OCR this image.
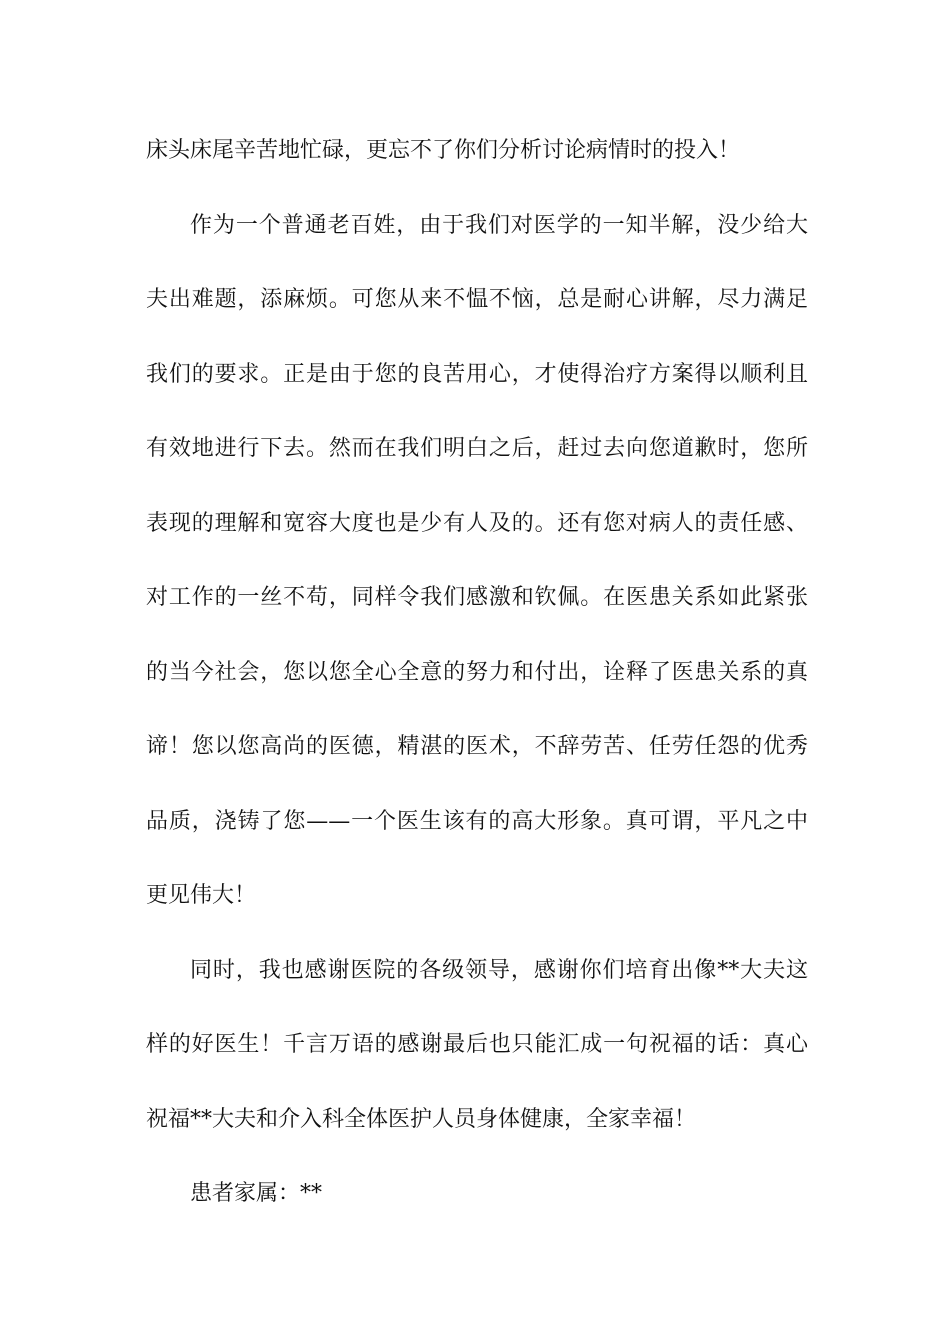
床头床尾辛苦地忙碌，更忘不了你们分析讨论病情时的投入！
作为一个普通老百姓，由于我们对医学的一知半解，没少给大
夫出难题，添麻烦。可您从来不愠不恼，总是耐心讲解，尽力满足
我们的要求。正是由于您的良苦用心，才使得治疗方案得以顺利且
有效地进行下去。然而在我们明白之后，赶过去向您道歉时，您所
表现的理解和宽容大度也是少有人及的。还有您对病人的责任感、
对工作的一丝不苟，同样令我们感激和钦佩。在医患关系如此紧张
的当今社会，您以您全心全意的努力和付出，诠释了医患关系的真
谛！您以您高尚的医德，精湛的医术，不辞劳苦、任劳任怨的优秀
品质，浇铸了您——一个医生该有的高大形象。真可谓，平凡之中
更见伟大！
同时，我也感谢医院的各级领导，感谢你们培育出像**大夫这
样的好医生！千言万语的感谢最后也只能汇成一句祝福的话：真心
祝福**大夫和介入科全体医护人员身体健康，全家幸福！
患者家属：**
